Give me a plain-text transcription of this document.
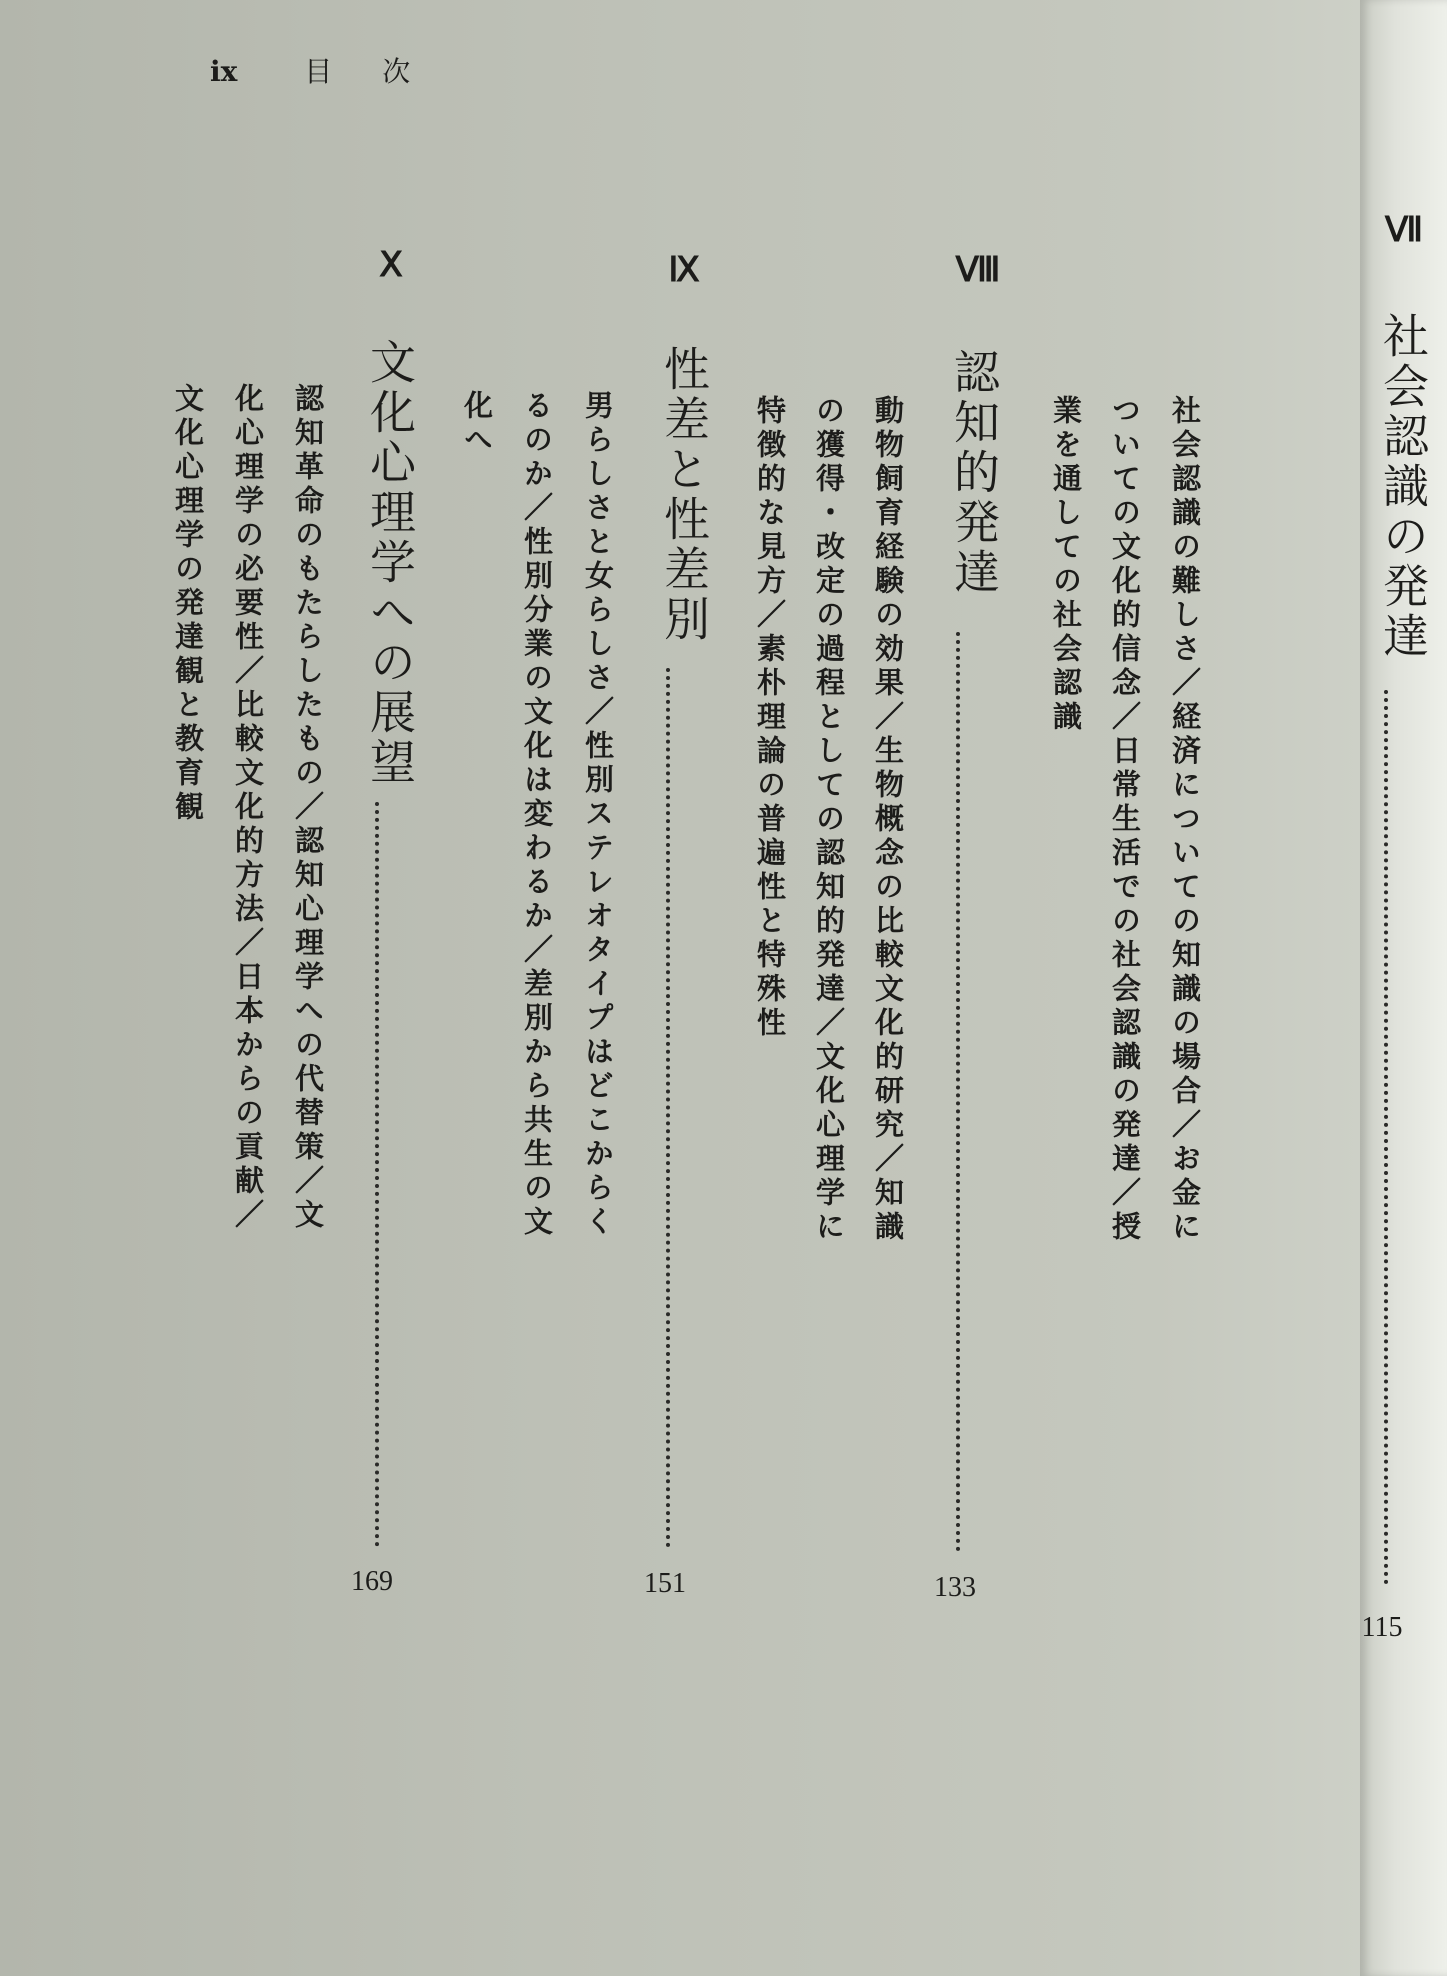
ix 目次
Ⅶ
社会認識の発達
115
社会認識の難しさ／経済についての知識の場合／お金に
ついての文化的信念／日常生活での社会認識の発達／授
業を通しての社会認識
Ⅷ
認知的発達
133
動物飼育経験の効果／生物概念の比較文化的研究／知識
の獲得・改定の過程としての認知的発達／文化心理学に
特徴的な見方／素朴理論の普遍性と特殊性
Ⅸ
性差と性差別
151
男らしさと女らしさ／性別ステレオタイプはどこからく
るのか／性別分業の文化は変わるか／差別から共生の文
化へ
Ⅹ
文化心理学への展望
169
認知革命のもたらしたもの／認知心理学への代替策／文
化心理学の必要性／比較文化的方法／日本からの貢献／
文化心理学の発達観と教育観
